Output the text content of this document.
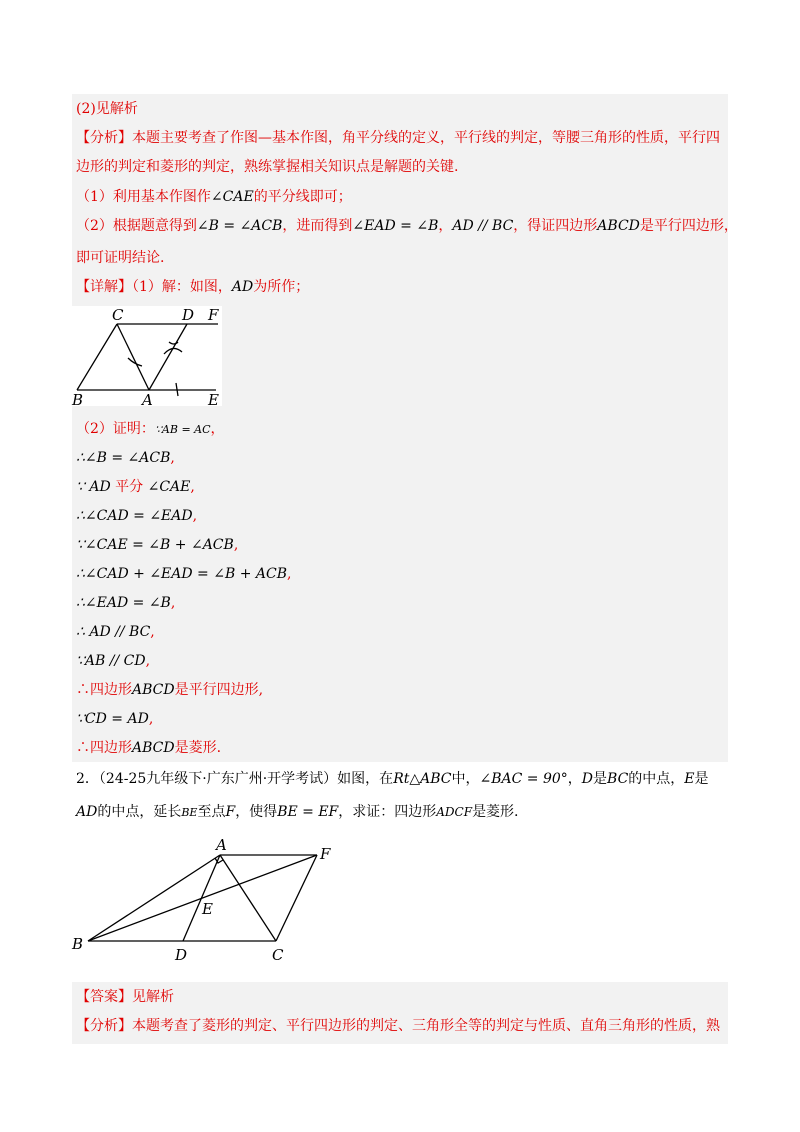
(2)见解析
【分析】本题主要考查了作图—基本作图，角平分线的定义，平行线的判定，等腰三角形的性质，平行四
边形的判定和菱形的判定，熟练掌握相关知识点是解题的关键.
（1）利用基本作图作∠CAE的平分线即可；
（2）根据题意得到∠B = ∠ACB，进而得到∠EAD = ∠B，AD // BC，得证四边形ABCD是平行四边形，
即可证明结论.
【详解】（1）解：如图，AD为所作；
C	D F
B	A	E
（2）证明：∵AB = AC，
∴∠B = ∠ACB,
∵ AD 平分 ∠CAE,
∴∠CAD = ∠EAD,
∵∠CAE = ∠B + ∠ACB,
∴∠CAD + ∠EAD = ∠B + ACB,
∴∠EAD = ∠B,
∴ AD // BC,
∵AB // CD,
∴四边形ABCD是平行四边形,
∵CD = AD,
∴四边形ABCD是菱形.
2．（24-25九年级下·广东广州·开学考试）如图，在Rt△ABC中，∠BAC = 90°，D是BC的中点，E是
AD的中点，延长BE至点F，使得BE = EF，求证：四边形ADCF是菱形.
A	F
E
B
D	C
【答案】见解析
【分析】本题考查了菱形的判定、平行四边形的判定、三角形全等的判定与性质、直角三角形的性质，熟
